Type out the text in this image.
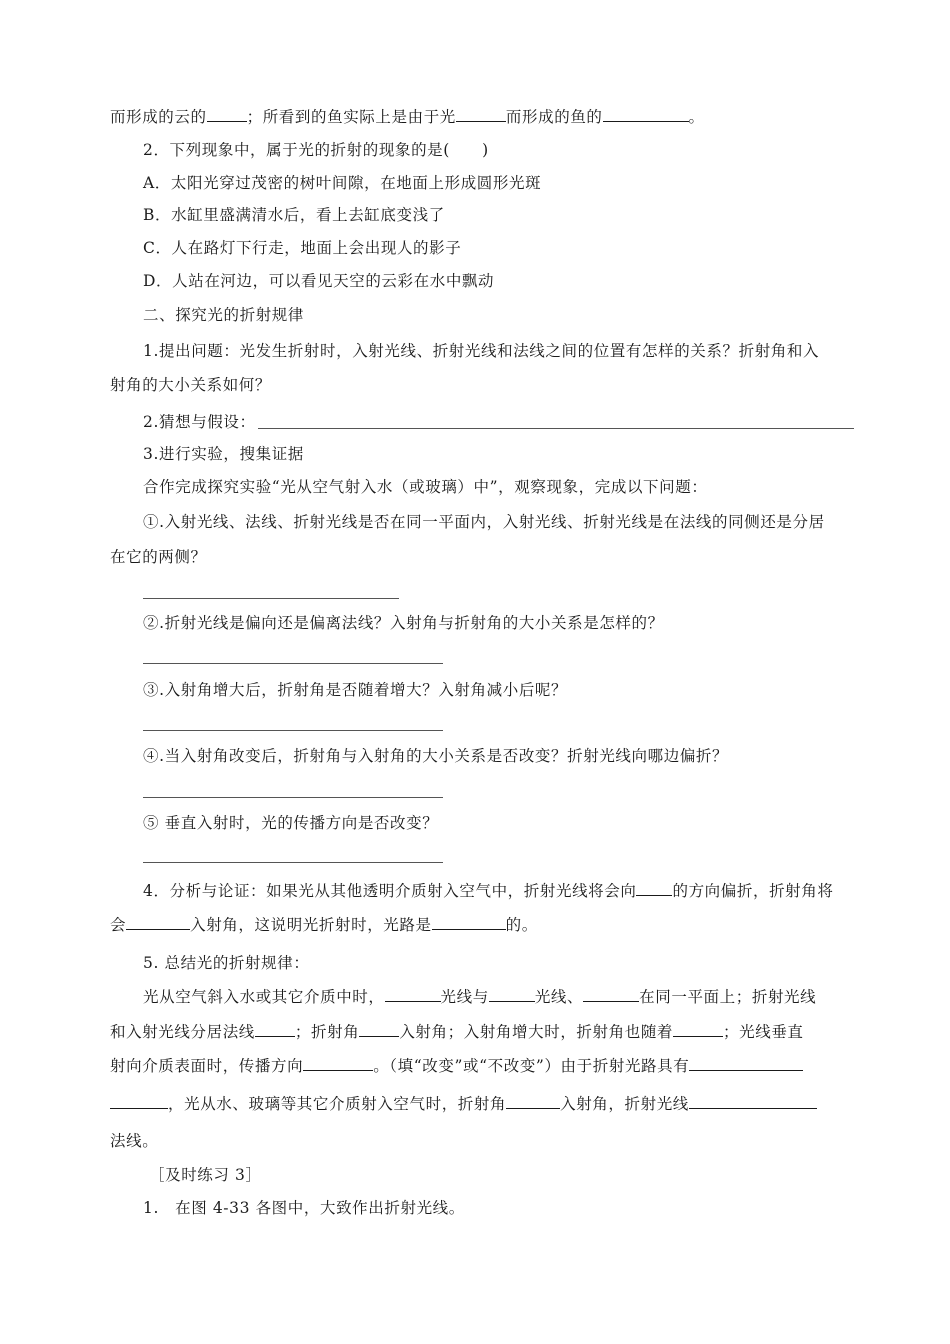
而形成的云的	；所看到的鱼实际上是由于光	而形成的鱼的	。
2．下列现象中，属于光的折射的现象的是(　　)
A．太阳光穿过茂密的树叶间隙，在地面上形成圆形光斑
B．水缸里盛满清水后，看上去缸底变浅了
C．人在路灯下行走，地面上会出现人的影子
D．人站在河边，可以看见天空的云彩在水中飘动
二、探究光的折射规律
1.提出问题：光发生折射时，入射光线、折射光线和法线之间的位置有怎样的关系？折射角和入
射角的大小关系如何？
2.猜想与假设：
3.进行实验，搜集证据
合作完成探究实验“光从空气射入水（或玻璃）中”，观察现象，完成以下问题：
①.入射光线、法线、折射光线是否在同一平面内，入射光线、折射光线是在法线的同侧还是分居
在它的两侧？
②.折射光线是偏向还是偏离法线？入射角与折射角的大小关系是怎样的？
③.入射角增大后，折射角是否随着增大？入射角减小后呢？
④.当入射角改变后，折射角与入射角的大小关系是否改变？折射光线向哪边偏折？
⑤ 垂直入射时，光的传播方向是否改变？
4．分析与论证：如果光从其他透明介质射入空气中，折射光线将会向 的方向偏折，折射角将
会	入射角，这说明光折射时，光路是	的。
5. 总结光的折射规律：
光从空气斜入水或其它介质中时，	光线与	光线、	在同一平面上；折射光线
和入射光线分居法线	；折射角	入射角；入射角增大时，折射角也随着	；光线垂直
射向介质表面时，传播方向	。（填“改变”或“不改变”）由于折射光路具有
，光从水、玻璃等其它介质射入空气时，折射角	入射角，折射光线
法线。
［及时练习 3］
1.　在图 4-33 各图中，大致作出折射光线。
